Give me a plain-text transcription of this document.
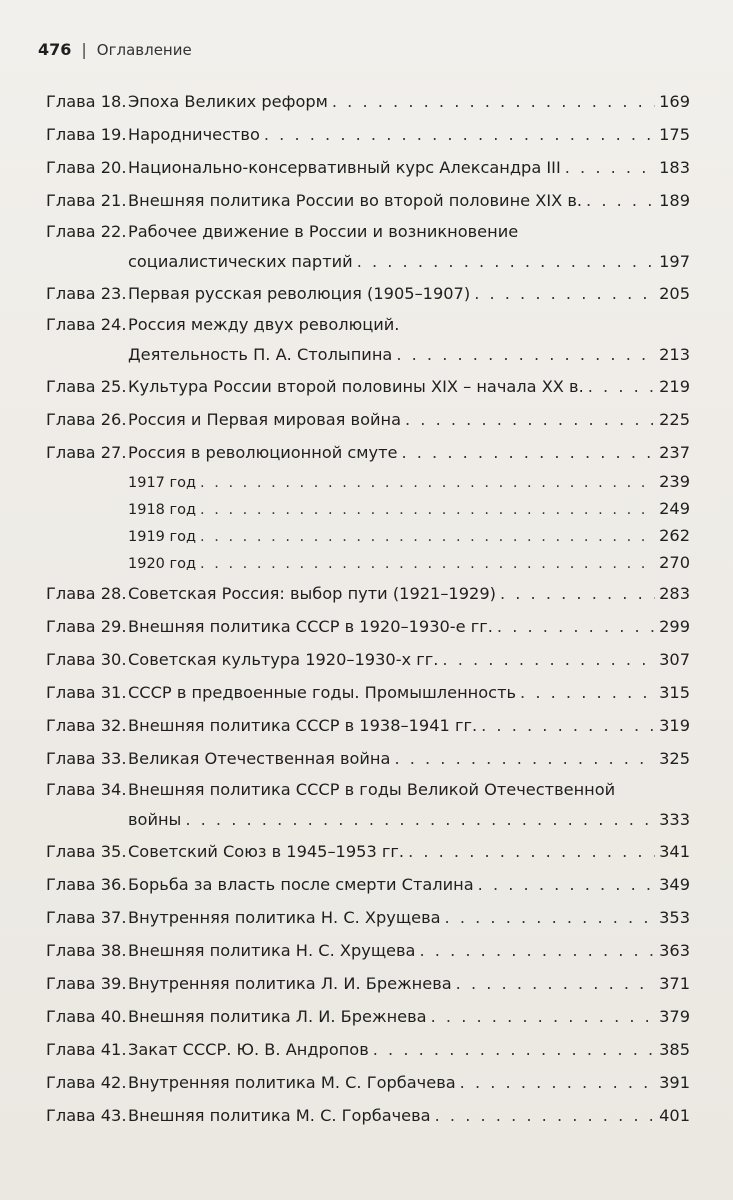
476 | Оглавление
Глава 18. Эпоха Великих реформ . . .	169
Глава 19. Народничество . . .	175
Глава 20. Национально-консервативный курс Александра III . . .	183
Глава 21. Внешняя политика России во второй половине XIX в. . . .	189
Глава 22. Рабочее движение в России и возникновение
социалистических партий . . .	197
Глава 23. Первая русская революция (1905–1907) . . .	205
Глава 24. Россия между двух революций.
Деятельность П. А. Столыпина . . .	213
Глава 25. Культура России второй половины XIX – начала XX в. . . .	219
Глава 26. Россия и Первая мировая война . . .	225
Глава 27. Россия в революционной смуте . . .	237
1917 год . . .	239
1918 год . . .	249
1919 год . . .	262
1920 год . . .	270
Глава 28. Советская Россия: выбор пути (1921–1929) . . .	283
Глава 29. Внешняя политика СССР в 1920–1930-е гг. . . .	299
Глава 30. Советская культура 1920–1930-х гг. . . .	307
Глава 31. СССР в предвоенные годы. Промышленность . . .	315
Глава 32. Внешняя политика СССР в 1938–1941 гг. . . .	319
Глава 33. Великая Отечественная война . . .	325
Глава 34. Внешняя политика СССР в годы Великой Отечественной
войны . . .	333
Глава 35. Советский Союз в 1945–1953 гг. . . .	341
Глава 36. Борьба за власть после смерти Сталина . . .	349
Глава 37. Внутренняя политика Н. С. Хрущева . . .	353
Глава 38. Внешняя политика Н. С. Хрущева . . .	363
Глава 39. Внутренняя политика Л. И. Брежнева . . .	371
Глава 40. Внешняя политика Л. И. Брежнева . . .	379
Глава 41. Закат СССР. Ю. В. Андропов . . .	385
Глава 42. Внутренняя политика М. С. Горбачева . . .	391
Глава 43. Внешняя политика М. С. Горбачева . . .	401
